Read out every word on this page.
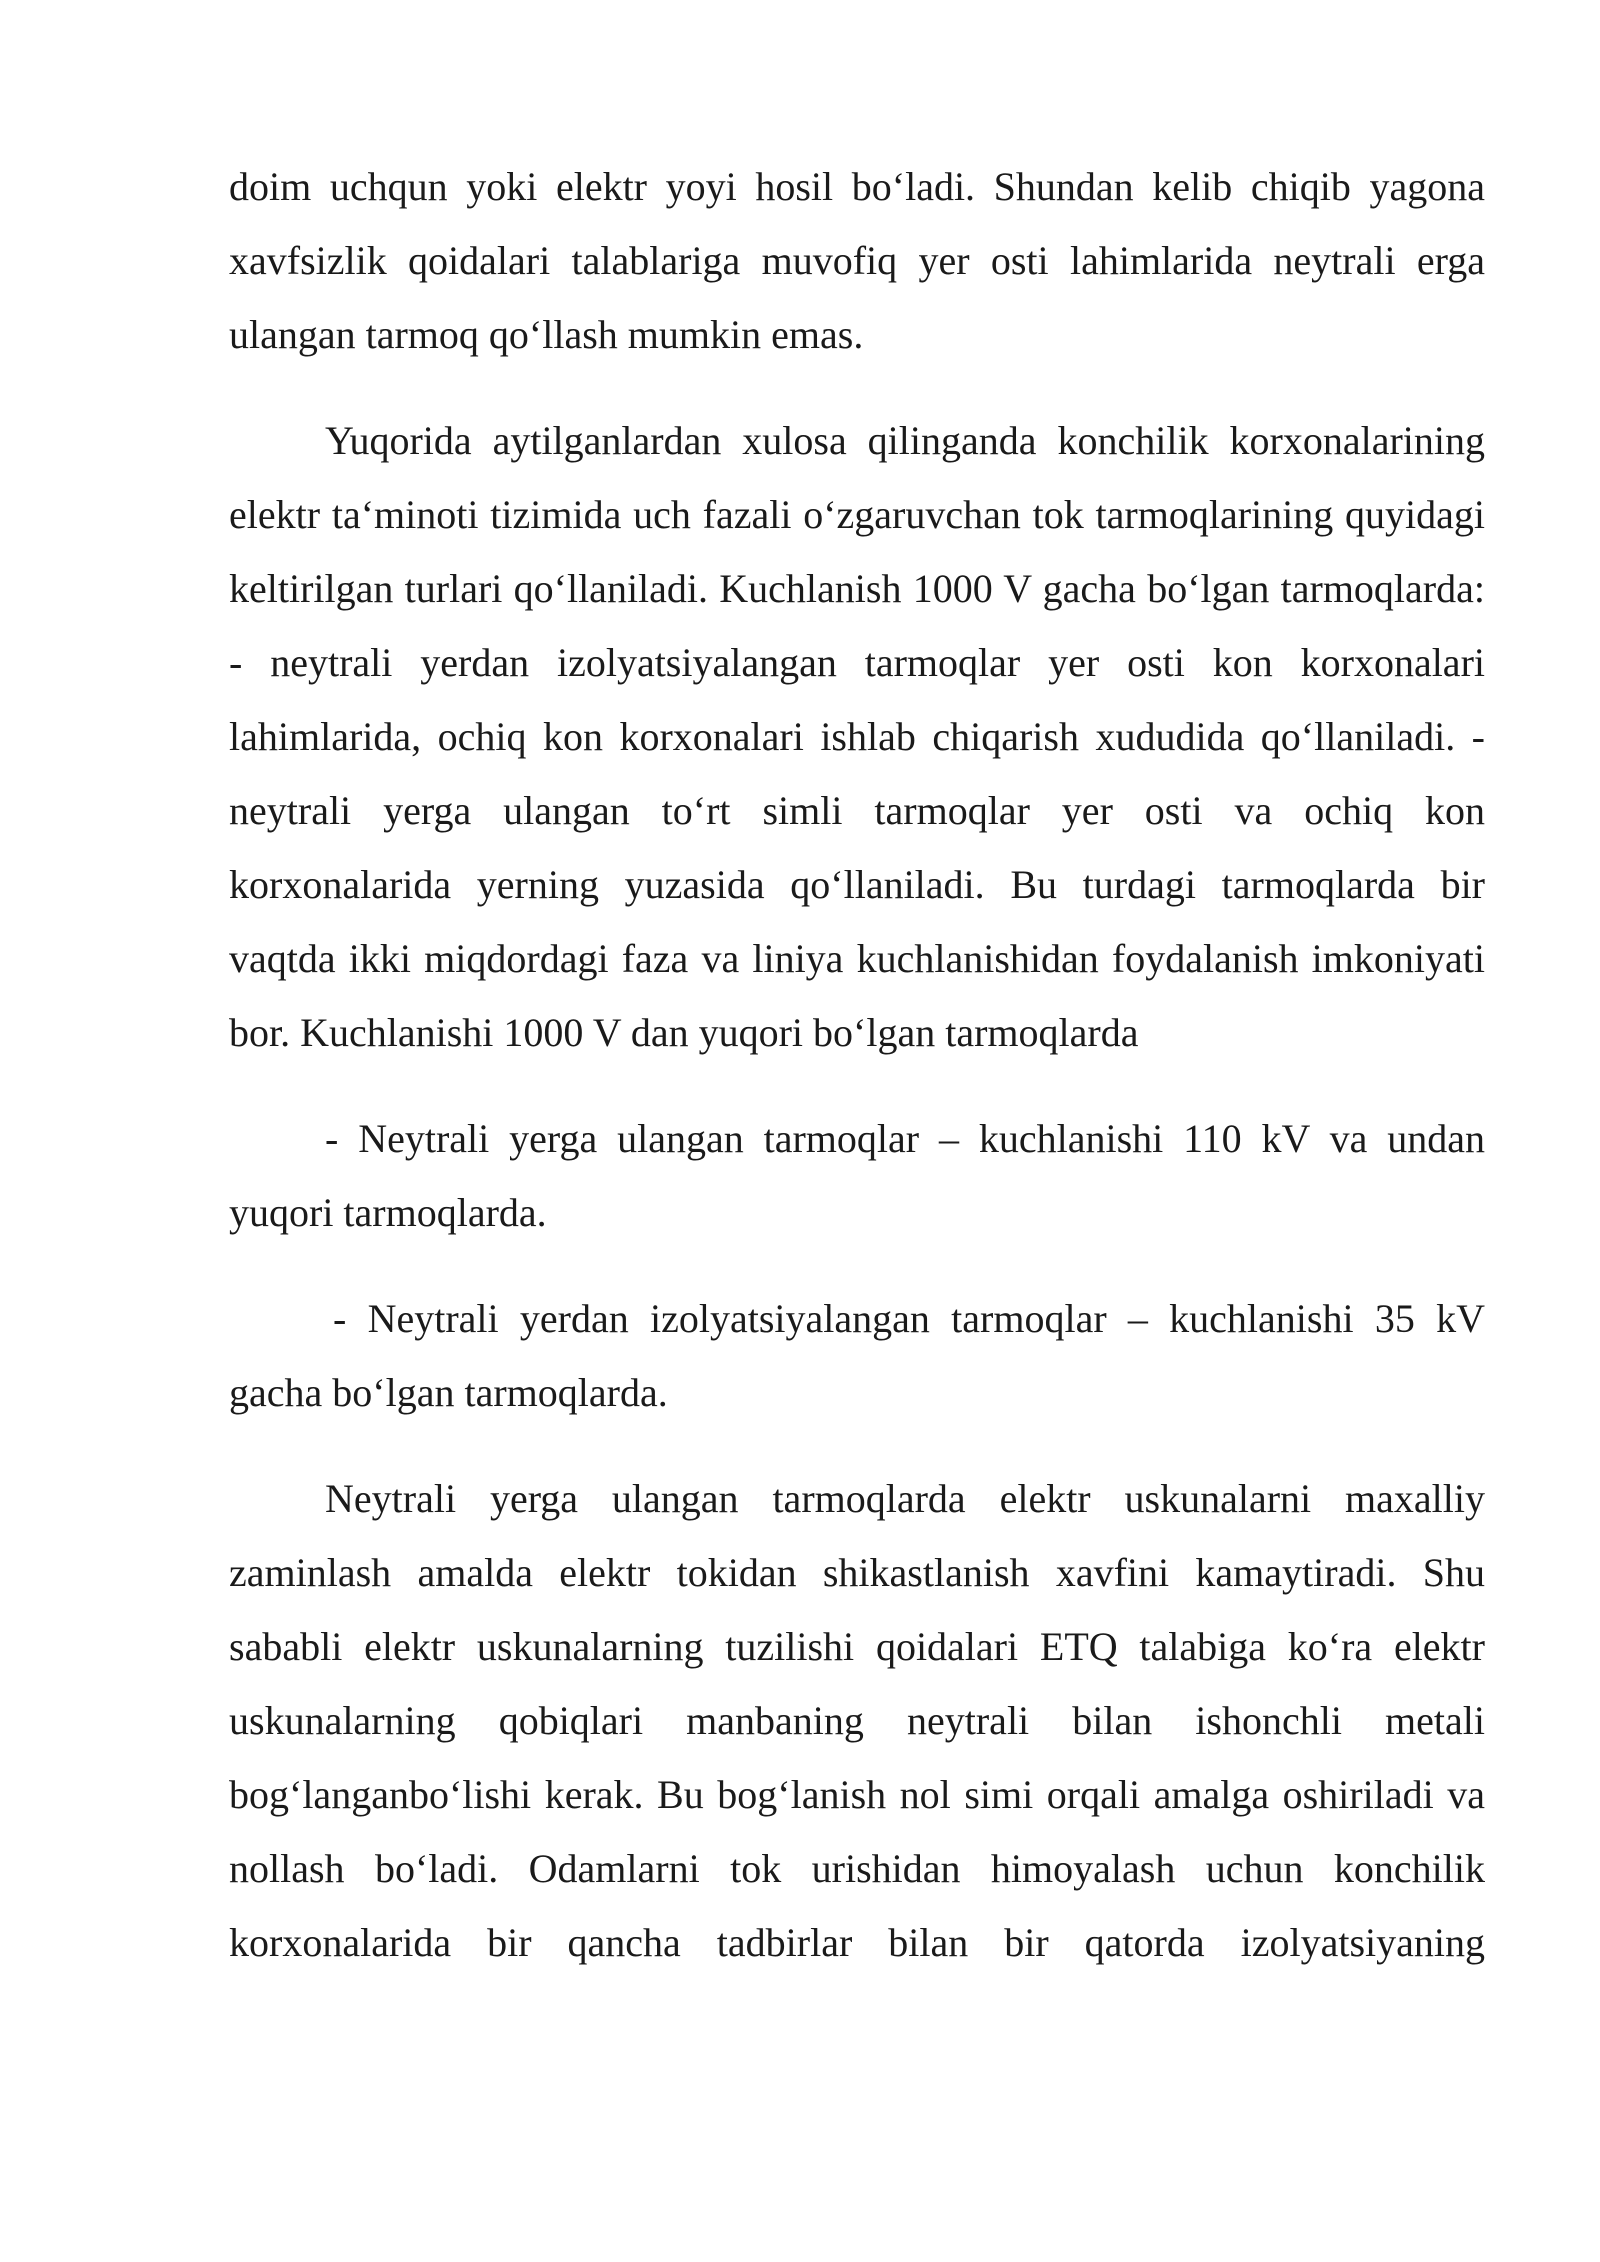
doim uchqun yoki elektr yoyi hosil bo‘ladi. Shundan kelib chiqib yagona xavfsizlik qoidalari talablariga muvofiq yer osti lahimlarida neytrali erga ulangan tarmoq qo‘llash mumkin emas.

Yuqorida aytilganlardan xulosa qilinganda konchilik korxonalarining elektr ta‘minoti tizimida uch fazali o‘zgaruvchan tok tarmoqlarining quyidagi keltirilgan turlari qo‘llaniladi. Kuchlanish 1000 V gacha bo‘lgan tarmoqlarda: - neytrali yerdan izolyatsiyalangan tarmoqlar yer osti kon korxonalari lahimlarida, ochiq kon korxonalari ishlab chiqarish xududida qo‘llaniladi. - neytrali yerga ulangan to‘rt simli tarmoqlar yer osti va ochiq kon korxonalarida yerning yuzasida qo‘llaniladi. Bu turdagi tarmoqlarda bir vaqtda ikki miqdordagi faza va liniya kuchlanishidan foydalanish imkoniyati bor. Kuchlanishi 1000 V dan yuqori bo‘lgan tarmoqlarda

- Neytrali yerga ulangan tarmoqlar – kuchlanishi 110 kV va undan yuqori tarmoqlarda.

- Neytrali yerdan izolyatsiyalangan tarmoqlar – kuchlanishi 35 kV gacha bo‘lgan tarmoqlarda.

Neytrali yerga ulangan tarmoqlarda elektr uskunalarni maxalliy zaminlash amalda elektr tokidan shikastlanish xavfini kamaytiradi. Shu sababli elektr uskunalarning tuzilishi qoidalari ETQ talabiga ko‘ra elektr uskunalarning qobiqlari manbaning neytrali bilan ishonchli metali bog‘langanbo‘lishi kerak. Bu bog‘lanish nol simi orqali amalga oshiriladi va nollash bo‘ladi. Odamlarni tok urishidan himoyalash uchun konchilik korxonalarida bir qancha tadbirlar bilan bir qatorda izolyatsiyaning
